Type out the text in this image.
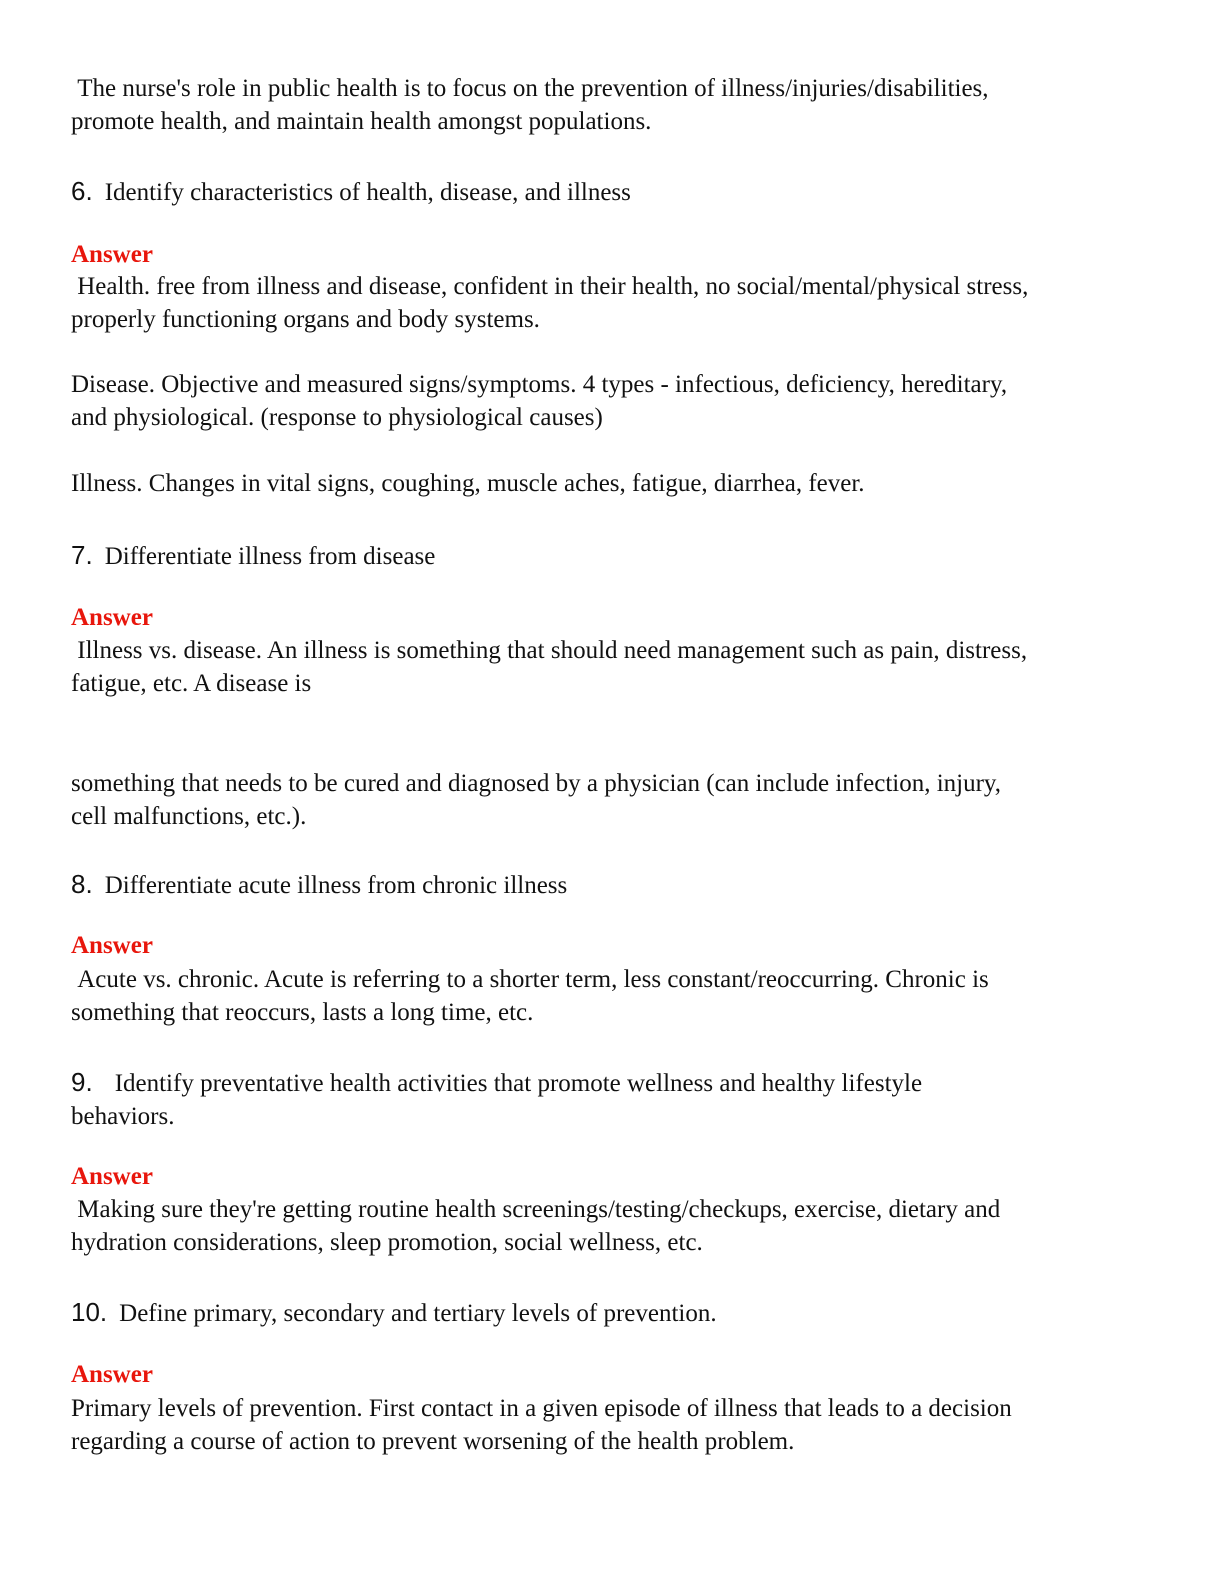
The nurse's role in public health is to focus on the prevention of illness/injuries/disabilities,
promote health, and maintain health amongst populations.

6. Identify characteristics of health, disease, and illness

Answer

Health. free from illness and disease, confident in their health, no social/mental/physical stress,
properly functioning organs and body systems.

Disease. Objective and measured signs/symptoms. 4 types - infectious, deficiency, hereditary,
and physiological. (response to physiological causes)

Illness. Changes in vital signs, coughing, muscle aches, fatigue, diarrhea, fever.

7. Differentiate illness from disease

Answer

Illness vs. disease. An illness is something that should need management such as pain, distress,
fatigue, etc. A disease is

something that needs to be cured and diagnosed by a physician (can include infection, injury,
cell malfunctions, etc.).

8. Differentiate acute illness from chronic illness

Answer

Acute vs. chronic. Acute is referring to a shorter term, less constant/reoccurring. Chronic is
something that reoccurs, lasts a long time, etc.

9. Identify preventative health activities that promote wellness and healthy lifestyle
behaviors.

Answer

Making sure they're getting routine health screenings/testing/checkups, exercise, dietary and
hydration considerations, sleep promotion, social wellness, etc.

10. Define primary, secondary and tertiary levels of prevention.

Answer

Primary levels of prevention. First contact in a given episode of illness that leads to a decision
regarding a course of action to prevent worsening of the health problem.
